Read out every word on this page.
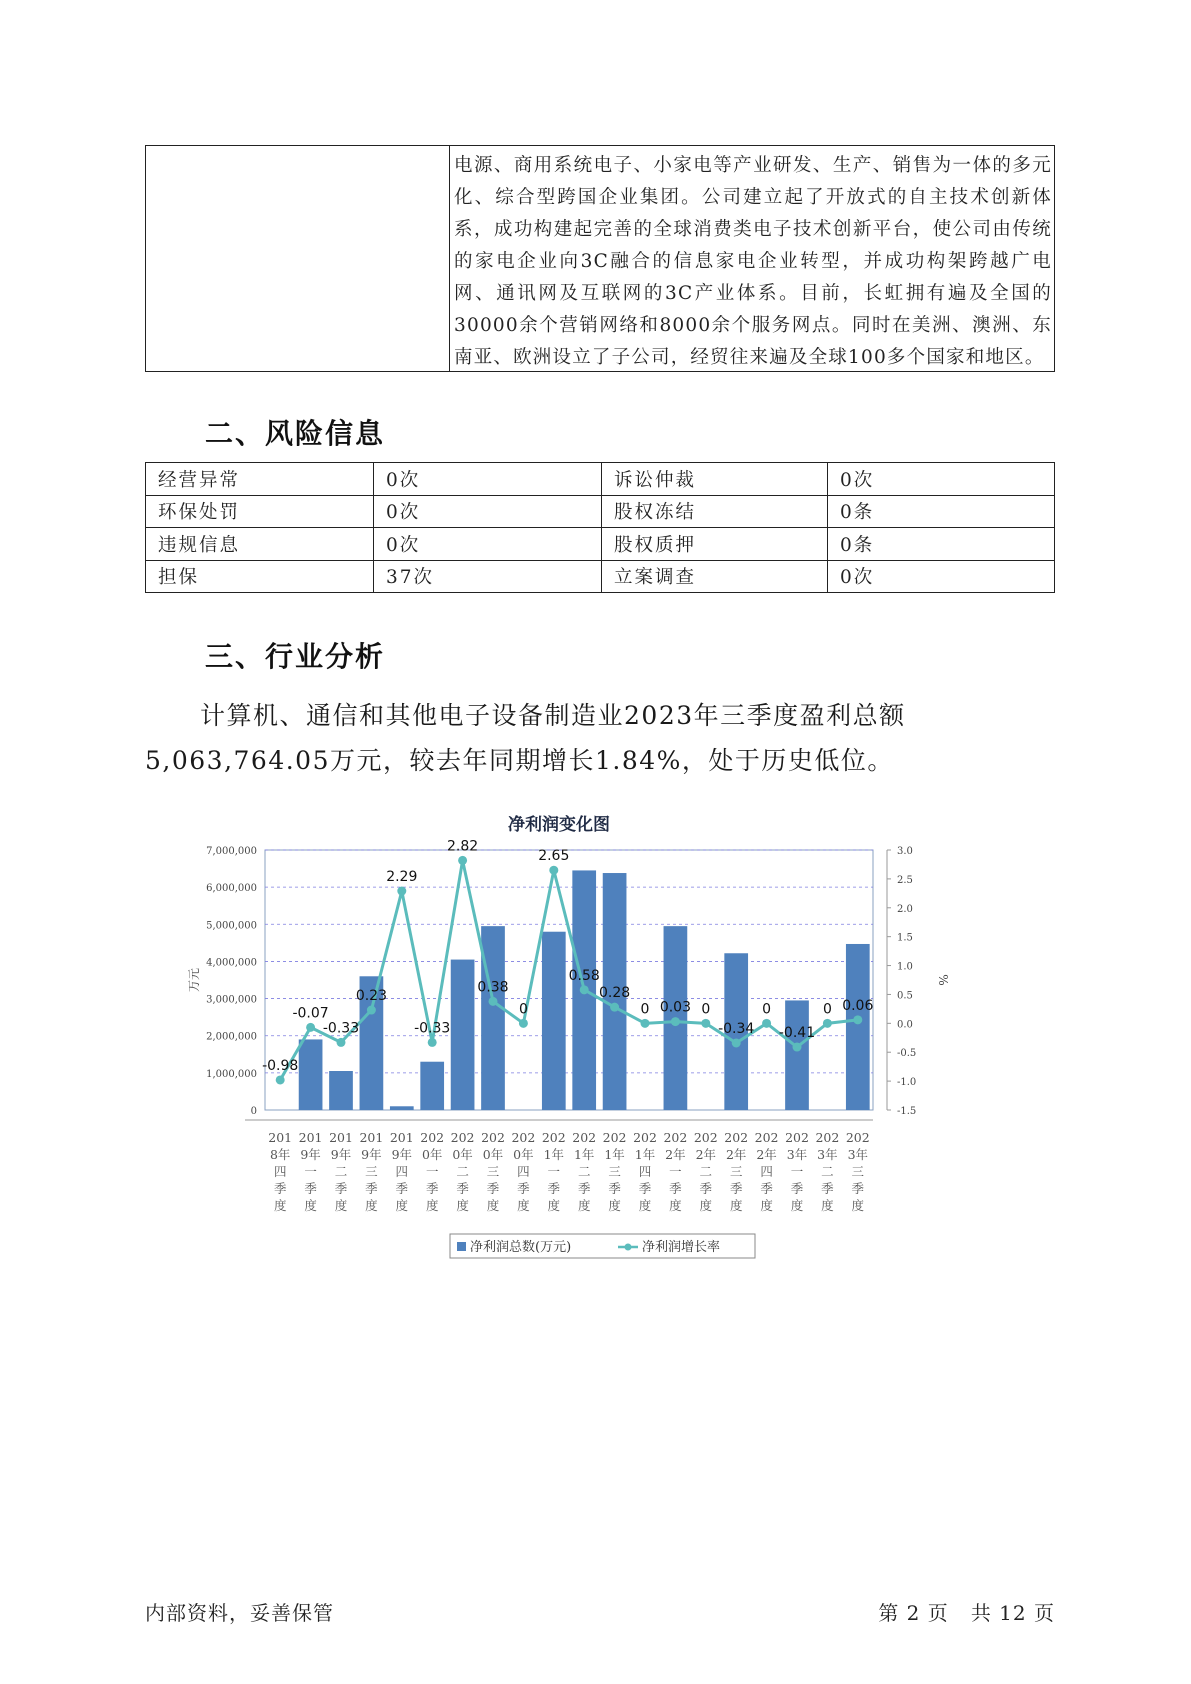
电源、商用系统电子、小家电等产业研发、生产、销售为一体的多元化、综合型跨国企业集团。公司建立起了开放式的自主技术创新体系，成功构建起完善的全球消费类电子技术创新平台，使公司由传统的家电企业向3C融合的信息家电企业转型，并成功构架跨越广电网、通讯网及互联网的3C产业体系。目前，长虹拥有遍及全国的30000余个营销网络和8000余个服务网点。同时在美洲、澳洲、东南亚、欧洲设立了子公司，经贸往来遍及全球100多个国家和地区。
二、风险信息
经营异常	0次	诉讼仲裁	0次
环保处罚	0次	股权冻结	0条
违规信息	0次	股权质押	0条
担保	37次	立案调查	0次
三、行业分析

计算机、通信和其他电子设备制造业2023年三季度盈利总额5,063,764.05万元，较去年同期增长1.84%，处于历史低位。

净利润变化图
0
1,000,000
2,000,000
3,000,000
4,000,000
5,000,000
6,000,000
7,000,000
-1.5
-1.0
-0.5
0.0
0.5
1.0
1.5
2.0
2.5
3.0
万元	%
-0.98
-0.07
-0.33
0.23
2.29
-0.33
2.82
0.38
0
2.65
0.58
0.28
0 0.03 0
-0.34
0
-0.41
0 0.06
201
8年
四
季
度
201
9年
一
季
度
201
9年
二
季
度
201
9年
三
季
度
201
9年
四
季
度
202
0年
一
季
度
202
0年
二
季
度
202
0年
三
季
度
202
0年
四
季
度
202
1年
一
季
度
202
1年
二
季
度
202
1年
三
季
度
202
1年
四
季
度
202
2年
一
季
度
202
2年
二
季
度
202
2年
三
季
度
202
2年
四
季
度
202
3年
一
季
度
202
3年
二
季
度
202
3年
三
季
度
净利润总数(万元)	净利润增长率
内部资料，妥善保管	第 2 页   共 12 页
